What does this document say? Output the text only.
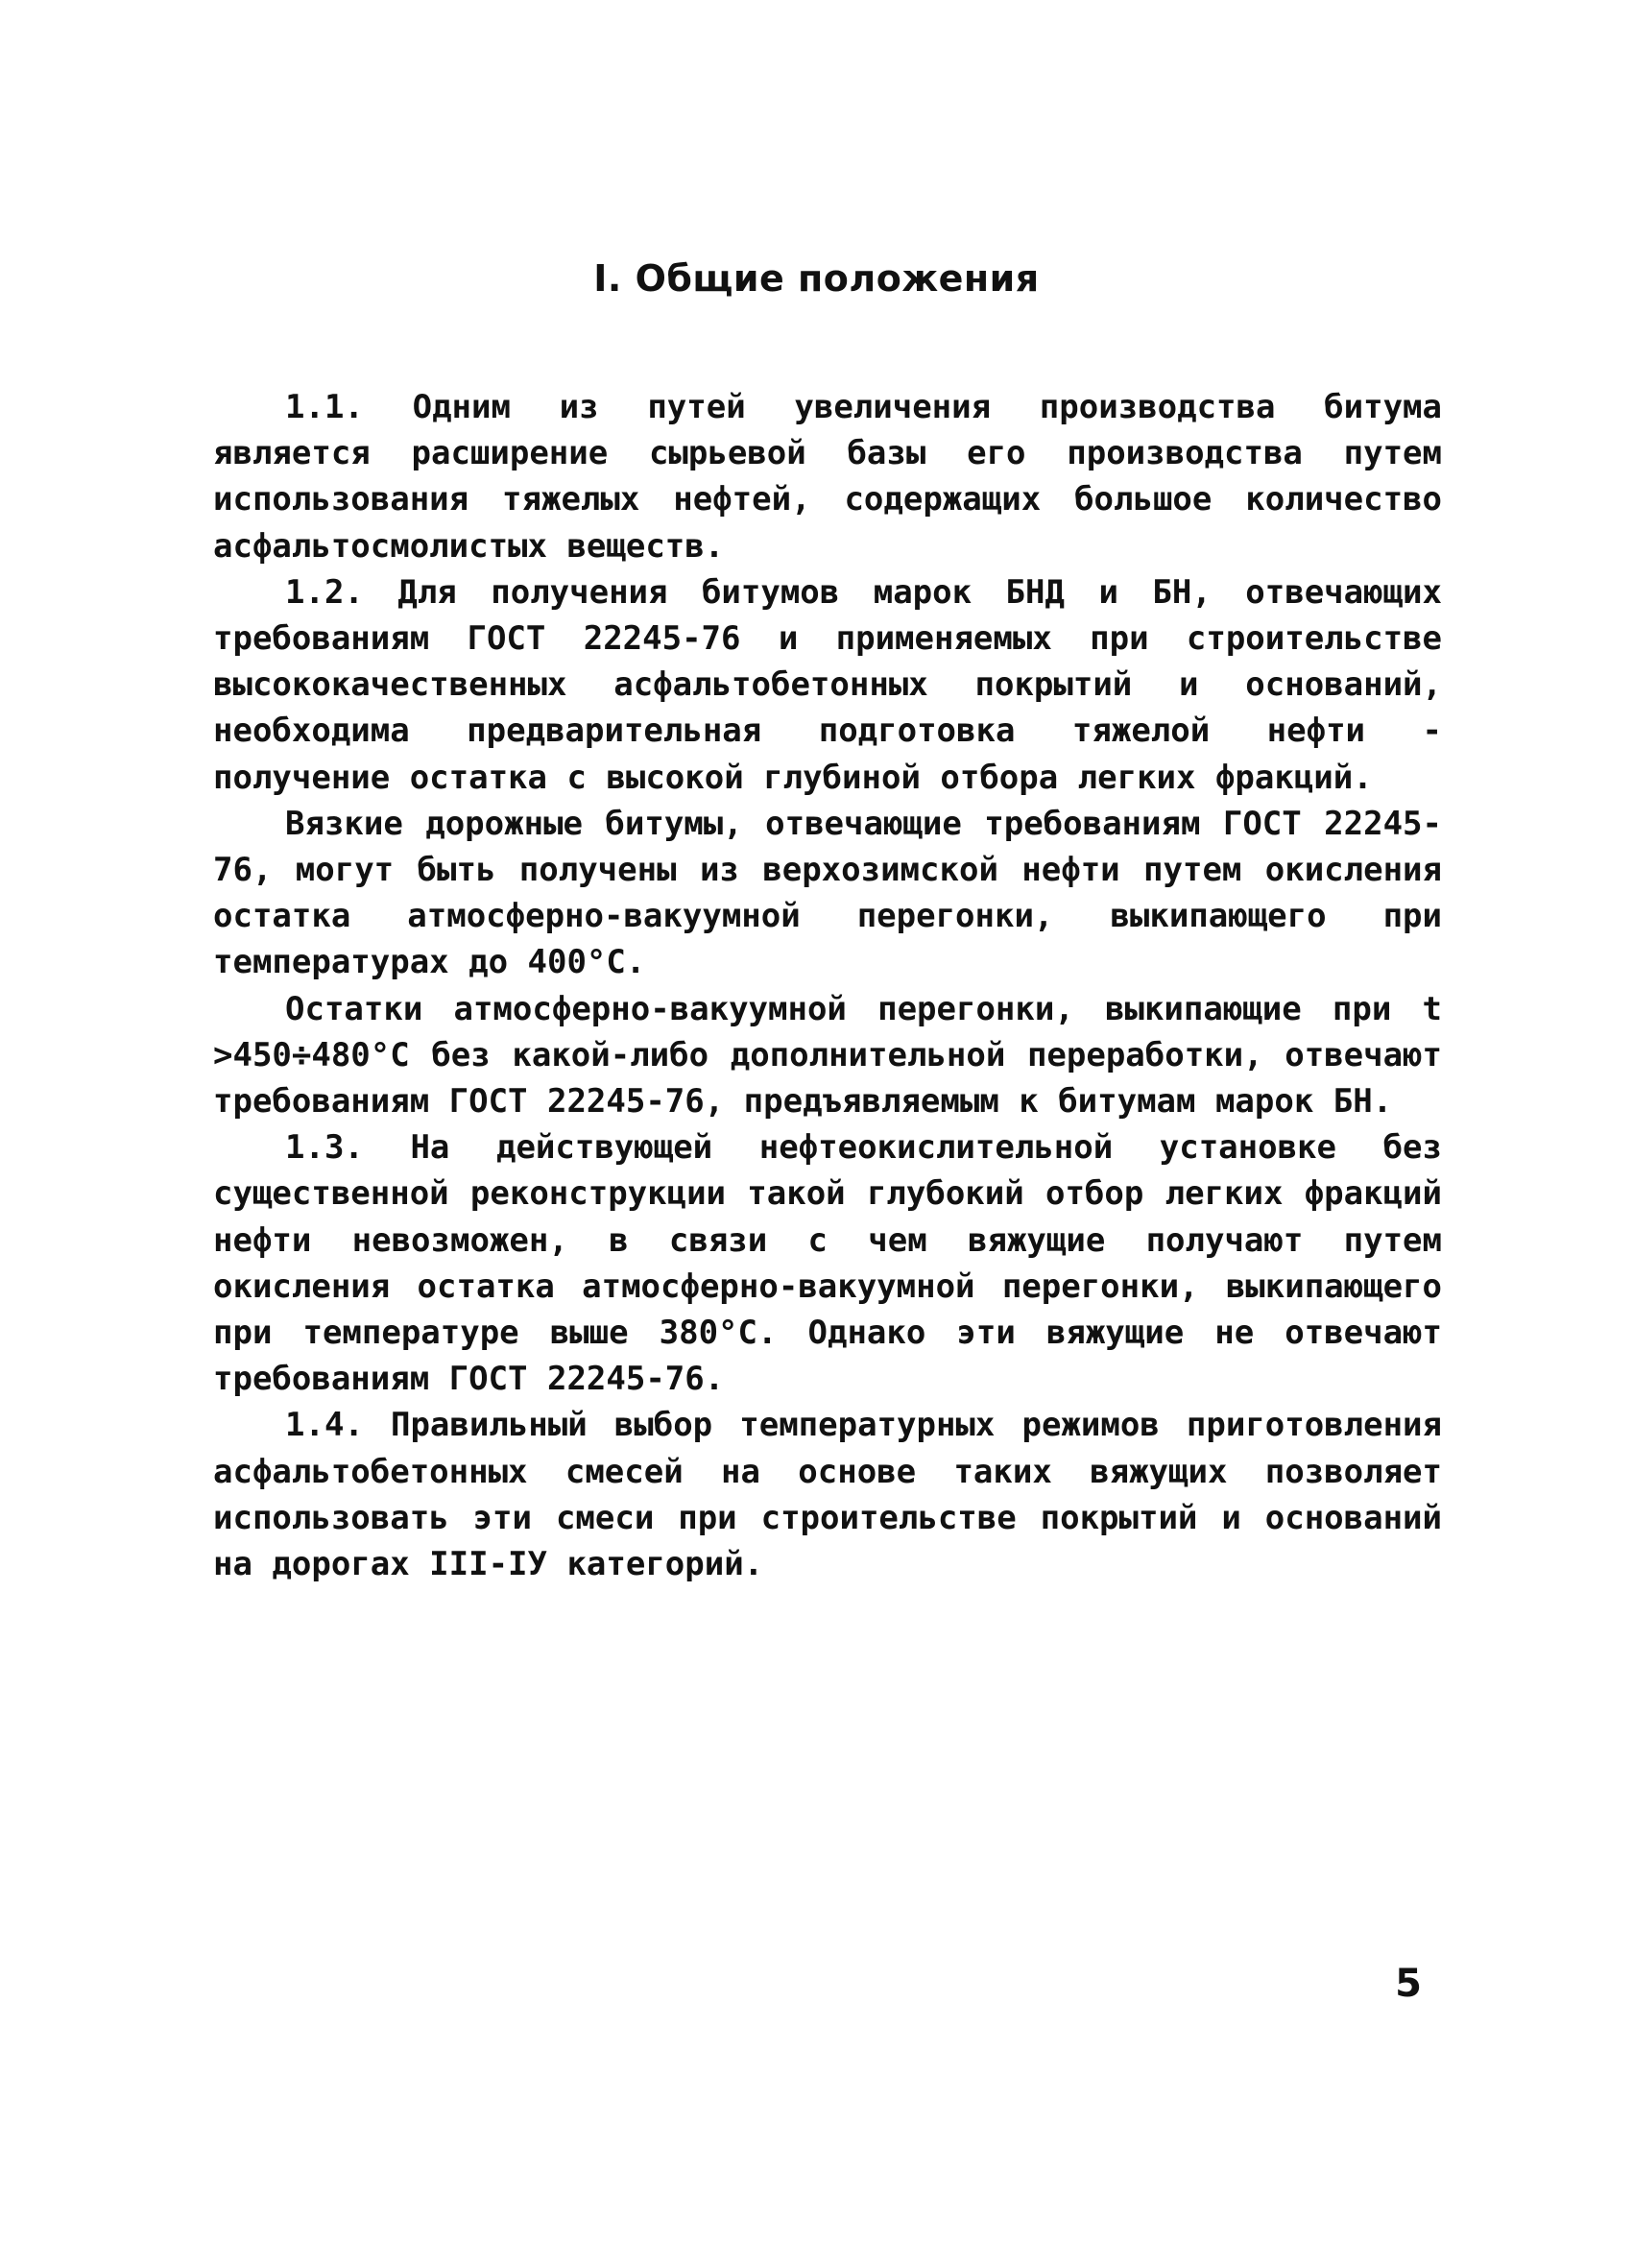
I. Общие положения

1.1. Одним из путей увеличения производства битума является расширение сырьевой базы его производства путем использования тяжелых нефтей, содержащих большое количество асфальтосмолистых веществ.

1.2. Для получения битумов марок БНД и БН, отвечающих требованиям ГОСТ 22245-76 и применяемых при строительстве высококачественных асфальтобетонных покрытий и оснований, необходима предварительная подготовка тяжелой нефти - получение остатка с высокой глубиной отбора легких фракций.

Вязкие дорожные битумы, отвечающие требованиям ГОСТ 22245-76, могут быть получены из верхозимской нефти путем окисления остатка атмосферно-вакуумной перегонки, выкипающего при температурах до 400°С.

Остатки атмосферно-вакуумной перегонки, выкипающие при t >450÷480°С без какой-либо дополнительной переработки, отвечают требованиям ГОСТ 22245-76, предъявляемым к битумам марок БН.

1.3. На действующей нефтеокислительной установке без существенной реконструкции такой глубокий отбор легких фракций нефти невозможен, в связи с чем вяжущие получают путем окисления остатка атмосферно-вакуумной перегонки, выкипающего при температуре выше 380°С. Однако эти вяжущие не отвечают требованиям ГОСТ 22245-76.

1.4. Правильный выбор температурных режимов приготовления асфальтобетонных смесей на основе таких вяжущих позволяет использовать эти смеси при строительстве покрытий и оснований на дорогах III-IУ категорий.

5
